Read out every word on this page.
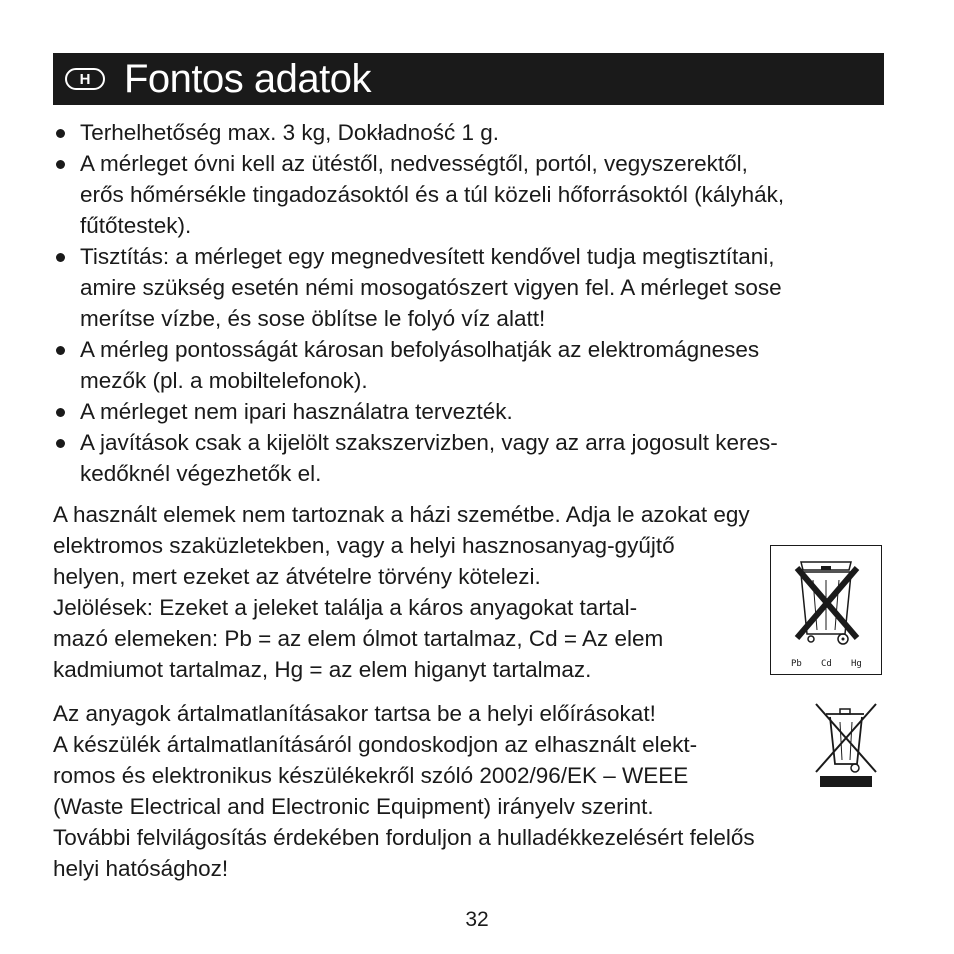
H Fontos adatok
Terhelhetőség max. 3 kg, Dokładność 1 g.
A mérleget óvni kell az ütéstől, nedvességtől, portól, vegyszerektől,
erős hőmérsékle tingadozásoktól és a túl közeli hőforrásoktól (kályhák,
fűtőtestek).
Tisztítás: a mérleget egy megnedvesített kendővel tudja megtisztítani,
amire szükség esetén némi mosogatószert vigyen fel. A mérleget sose
merítse vízbe, és sose öblítse le folyó víz alatt!
A mérleg pontosságát károsan befolyásolhatják az elektromágneses
mezők (pl. a mobiltelefonok).
A mérleget nem ipari használatra tervezték.
A javítások csak a kijelölt szakszervizben, vagy az arra jogosult keres-
kedőknél végezhetők el.

A használt elemek nem tartoznak a házi szemétbe. Adja le azokat egy
elektromos szaküzletekben, vagy a helyi hasznosanyag-gyűjtő
helyen, mert ezeket az átvételre törvény kötelezi.
Jelölések: Ezeket a jeleket találja a káros anyagokat tartal-
mazó elemeken: Pb = az elem ólmot tartalmaz, Cd = Az elem
kadmiumot tartalmaz, Hg = az elem higanyt tartalmaz.	Pb Cd Hg

Az anyagok ártalmatlanításakor tartsa be a helyi előírásokat!
A készülék ártalmatlanításáról gondoskodjon az elhasznált elekt-
romos és elektronikus készülékekről szóló 2002/96/EK – WEEE
(Waste Electrical and Electronic Equipment) irányelv szerint.
További felvilágosítás érdekében forduljon a hulladékkezelésért felelős
helyi hatósághoz!

32
